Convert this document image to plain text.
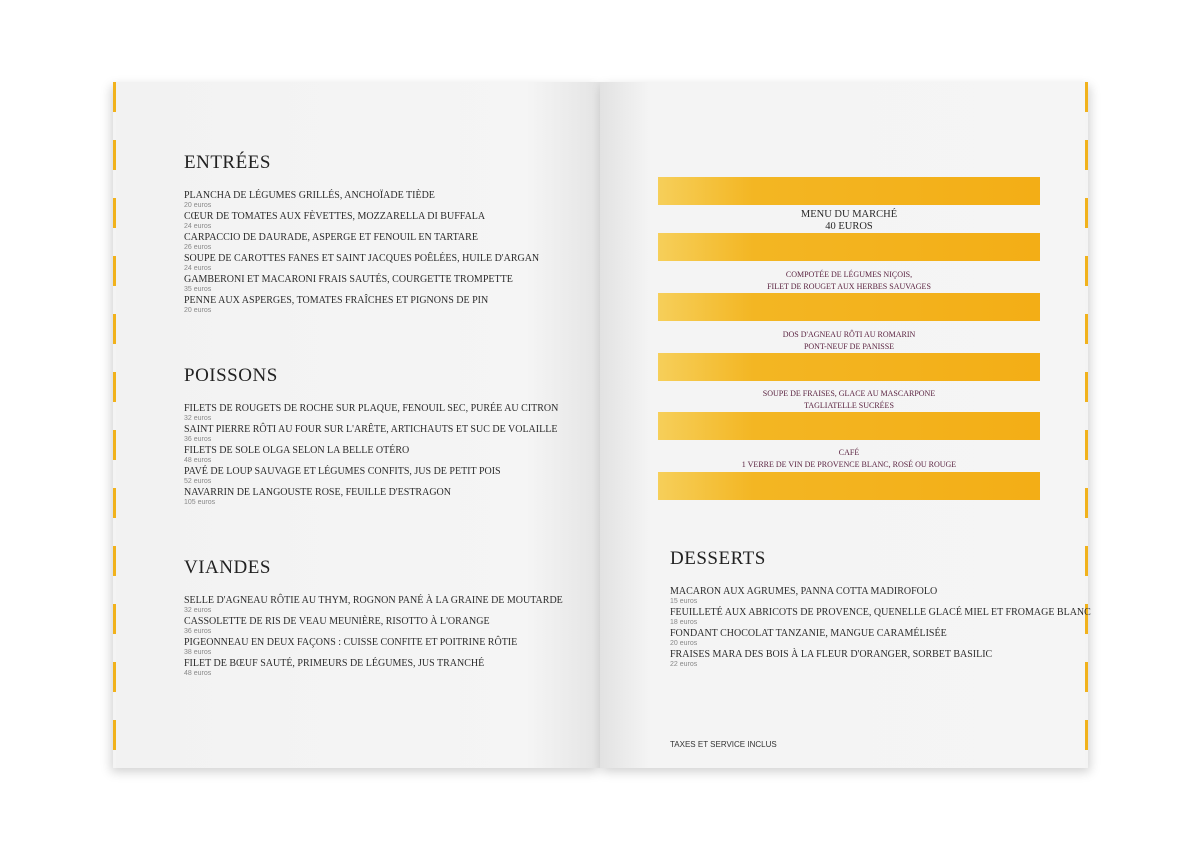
ENTRÉES
PLANCHA DE LÉGUMES GRILLÉS, ANCHOÏADE TIÈDE
20 euros
CŒUR DE TOMATES AUX FÈVETTES, MOZZARELLA DI BUFFALA
24 euros
CARPACCIO DE DAURADE, ASPERGE ET FENOUIL EN TARTARE
26 euros
SOUPE DE CAROTTES FANES ET SAINT JACQUES POÊLÉES, HUILE D'ARGAN
24 euros
GAMBERONI ET MACARONI FRAIS SAUTÉS, COURGETTE TROMPETTE
35 euros
PENNE AUX ASPERGES, TOMATES FRAÎCHES ET PIGNONS DE PIN
20 euros
POISSONS
FILETS DE ROUGETS DE ROCHE SUR PLAQUE, FENOUIL SEC, PURÉE AU CITRON
32 euros
SAINT PIERRE RÔTI AU FOUR SUR L'ARÊTE, ARTICHAUTS ET SUC DE VOLAILLE
36 euros
FILETS DE SOLE OLGA SELON LA BELLE OTÉRO
48 euros
PAVÉ DE LOUP SAUVAGE ET LÉGUMES CONFITS, JUS DE PETIT POIS
52 euros
NAVARRIN DE LANGOUSTE ROSE, FEUILLE D'ESTRAGON
105 euros
VIANDES
SELLE D'AGNEAU RÔTIE AU THYM, ROGNON PANÉ À LA GRAINE DE MOUTARDE
32 euros
CASSOLETTE DE RIS DE VEAU MEUNIÈRE, RISOTTO À L'ORANGE
36 euros
PIGEONNEAU EN DEUX FAÇONS : CUISSE CONFITE ET POITRINE RÔTIE
38 euros
FILET DE BŒUF SAUTÉ, PRIMEURS DE LÉGUMES, JUS TRANCHÉ
48 euros
MENU DU MARCHÉ
40 EUROS
COMPOTÉE DE LÉGUMES NIÇOIS,
FILET DE ROUGET AUX HERBES SAUVAGES
DOS D'AGNEAU RÔTI AU ROMARIN
PONT-NEUF DE PANISSE
SOUPE DE FRAISES, GLACE AU MASCARPONE
TAGLIATELLE SUCRÉES
CAFÉ
1 VERRE DE VIN DE PROVENCE BLANC, ROSÉ OU ROUGE
TAXES ET SERVICE INCLUS
DESSERTS
MACARON AUX AGRUMES, PANNA COTTA MADIROFOLO
15 euros
FEUILLETÉ AUX ABRICOTS DE PROVENCE, QUENELLE GLACÉ MIEL ET FROMAGE BLANC
18 euros
FONDANT CHOCOLAT TANZANIE, MANGUE CARAMÉLISÉE
20 euros
FRAISES MARA DES BOIS À LA FLEUR D'ORANGER, SORBET BASILIC
22 euros
